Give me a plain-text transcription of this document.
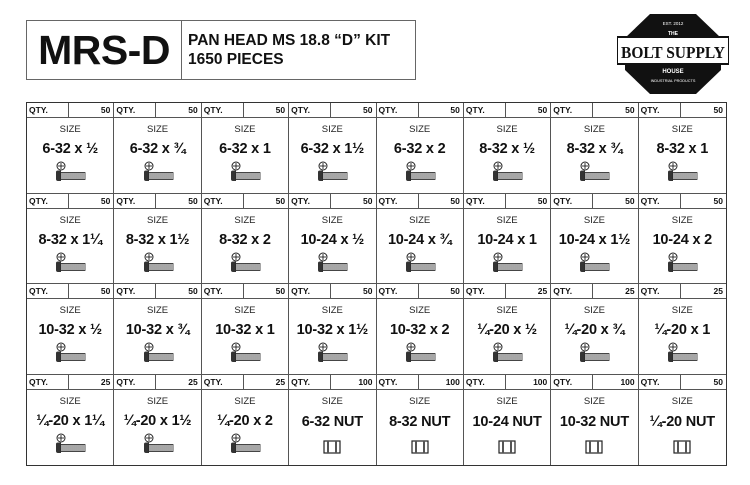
MRS-D	PAN HEAD MS 18.8 “D” KIT
1650 PIECES
EST. 2012
THE
BOLT SUPPLY
HOUSE
INDUSTRIAL PRODUCTS
QTY.	50
SIZE
6-32 x ½
QTY.	50
SIZE
6-32 x ¾
QTY.	50
SIZE
6-32 x 1
QTY.	50
SIZE
6-32 x 1½
QTY.	50
SIZE
6-32 x 2
QTY.	50
SIZE
8-32 x ½
QTY.	50
SIZE
8-32 x ¾
QTY.	50
SIZE
8-32 x 1
QTY.	50
SIZE
8-32 x 1¼
QTY.	50
SIZE
8-32 x 1½
QTY.	50
SIZE
8-32 x 2
QTY.	50
SIZE
10-24 x ½
QTY.	50
SIZE
10-24 x ¾
QTY.	50
SIZE
10-24 x 1
QTY.	50
SIZE
10-24 x 1½
QTY.	50
SIZE
10-24 x 2
QTY.	50
SIZE
10-32 x ½
QTY.	50
SIZE
10-32 x ¾
QTY.	50
SIZE
10-32 x 1
QTY.	50
SIZE
10-32 x 1½
QTY.	50
SIZE
10-32 x 2
QTY.	25
SIZE
¼-20 x ½
QTY.	25
SIZE
¼-20 x ¾
QTY.	25
SIZE
¼-20 x 1
QTY.	25
SIZE
¼-20 x 1¼
QTY.	25
SIZE
¼-20 x 1½
QTY.	25
SIZE
¼-20 x 2
QTY.	100
SIZE
6-32 NUT
QTY.	100
SIZE
8-32 NUT
QTY.	100
SIZE
10-24 NUT
QTY.	100
SIZE
10-32 NUT
QTY.	50
SIZE
¼-20 NUT
